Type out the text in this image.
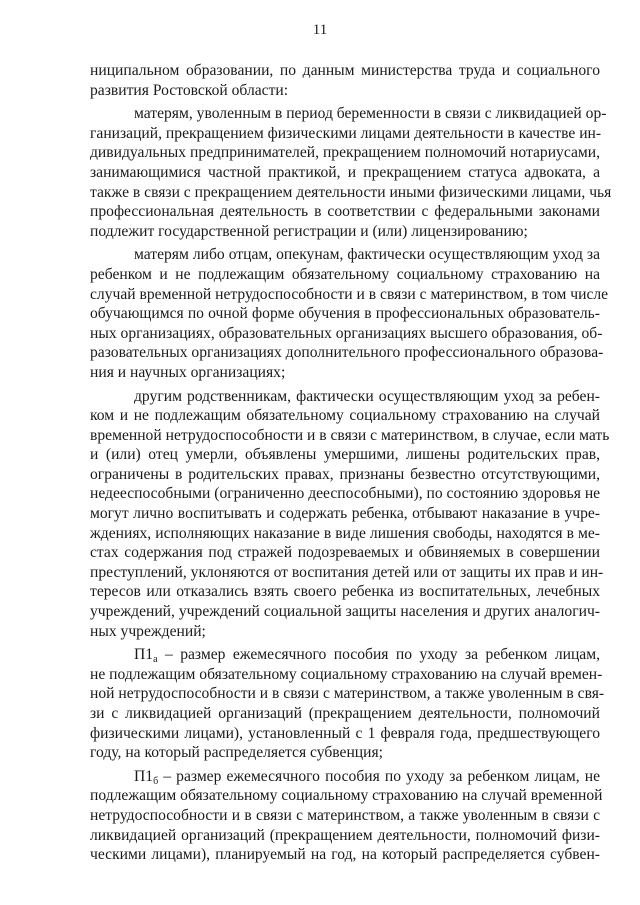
11
ниципальном образовании, по данным министерства труда и социального
развития Ростовской области:
матерям, уволенным в период беременности в связи с ликвидацией ор-
ганизаций, прекращением физическими лицами деятельности в качестве ин-
дивидуальных предпринимателей, прекращением полномочий нотариусами,
занимающимися частной практикой, и прекращением статуса адвоката, а
также в связи с прекращением деятельности иными физическими лицами, чья
профессиональная деятельность в соответствии с федеральными законами
подлежит государственной регистрации и (или) лицензированию;
матерям либо отцам, опекунам, фактически осуществляющим уход за
ребенком и не подлежащим обязательному социальному страхованию на
случай временной нетрудоспособности и в связи с материнством, в том числе
обучающимся по очной форме обучения в профессиональных образователь-
ных организациях, образовательных организациях высшего образования, об-
разовательных организациях дополнительного профессионального образова-
ния и научных организациях;
другим родственникам, фактически осуществляющим уход за ребен-
ком и не подлежащим обязательному социальному страхованию на случай
временной нетрудоспособности и в связи с материнством, в случае, если мать
и (или) отец умерли, объявлены умершими, лишены родительских прав,
ограничены в родительских правах, признаны безвестно отсутствующими,
недееспособными (ограниченно дееспособными), по состоянию здоровья не
могут лично воспитывать и содержать ребенка, отбывают наказание в учре-
ждениях, исполняющих наказание в виде лишения свободы, находятся в ме-
стах содержания под стражей подозреваемых и обвиняемых в совершении
преступлений, уклоняются от воспитания детей или от защиты их прав и ин-
тересов или отказались взять своего ребенка из воспитательных, лечебных
учреждений, учреждений социальной защиты населения и других аналогич-
ных учреждений;
$П1_а$ – размер ежемесячного пособия по уходу за ребенком лицам,
не подлежащим обязательному социальному страхованию на случай времен-
ной нетрудоспособности и в связи с материнством, а также уволенным в свя-
зи с ликвидацией организаций (прекращением деятельности, полномочий
физическими лицами), установленный с 1 февраля года, предшествующего
году, на который распределяется субвенция;
$П1_б$ – размер ежемесячного пособия по уходу за ребенком лицам, не
подлежащим обязательному социальному страхованию на случай временной
нетрудоспособности и в связи с материнством, а также уволенным в связи с
ликвидацией организаций (прекращением деятельности, полномочий физи-
ческими лицами), планируемый на год, на который распределяется субвен-
